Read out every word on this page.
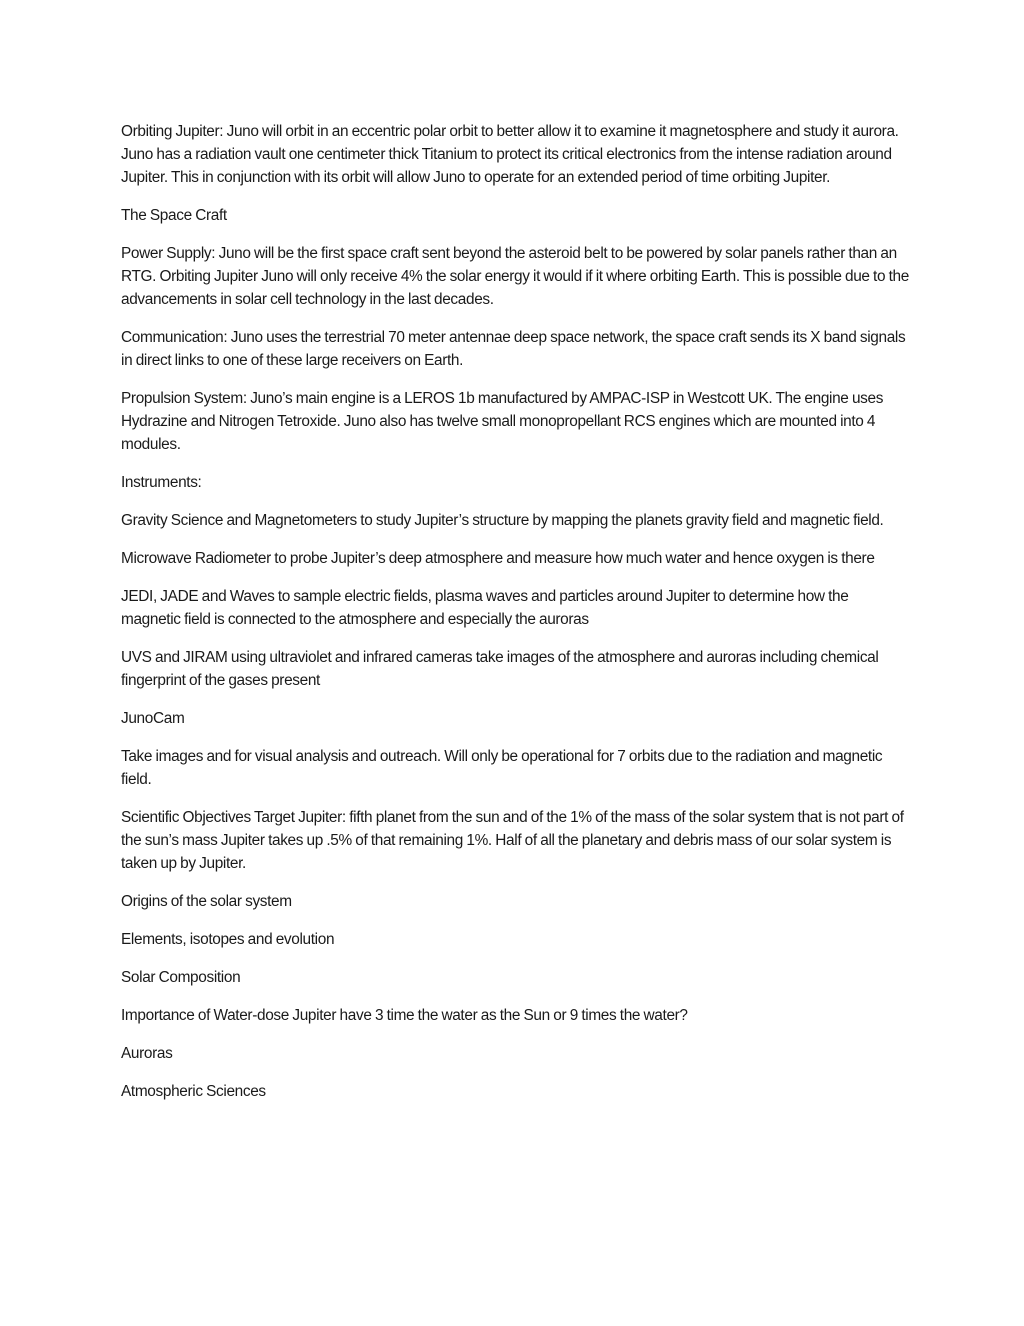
Orbiting Jupiter: Juno will orbit in an eccentric polar orbit to better allow it to examine it magnetosphere and study it aurora. Juno has a radiation vault one centimeter thick Titanium to protect its critical electronics from the intense radiation around Jupiter. This in conjunction with its orbit will allow Juno to operate for an extended period of time orbiting Jupiter.

The Space Craft

Power Supply: Juno will be the first space craft sent beyond the asteroid belt to be powered by solar panels rather than an RTG. Orbiting Jupiter Juno will only receive 4% the solar energy it would if it where orbiting Earth. This is possible due to the advancements in solar cell technology in the last decades.

Communication: Juno uses the terrestrial 70 meter antennae deep space network, the space craft sends its X band signals in direct links to one of these large receivers on Earth.

Propulsion System: Juno’s main engine is a LEROS 1b manufactured by AMPAC-ISP in Westcott UK. The engine uses Hydrazine and Nitrogen Tetroxide. Juno also has twelve small monopropellant RCS engines which are mounted into 4 modules.

Instruments:

Gravity Science and Magnetometers to study Jupiter’s structure by mapping the planets gravity field and magnetic field.

Microwave Radiometer to probe Jupiter’s deep atmosphere and measure how much water and hence oxygen is there

JEDI, JADE and Waves to sample electric fields, plasma waves and particles around Jupiter to determine how the magnetic field is connected to the atmosphere and especially the auroras

UVS and JIRAM using ultraviolet and infrared cameras take images of the atmosphere and auroras including chemical fingerprint of the gases present

JunoCam

Take images and for visual analysis and outreach. Will only be operational for 7 orbits due to the radiation and magnetic field.

Scientific Objectives Target Jupiter: fifth planet from the sun and of the 1% of the mass of the solar system that is not part of the sun’s mass Jupiter takes up .5% of that remaining 1%. Half of all the planetary and debris mass of our solar system is taken up by Jupiter.

Origins of the solar system

Elements, isotopes and evolution

Solar Composition

Importance of Water-dose Jupiter have 3 time the water as the Sun or 9 times the water?

Auroras

Atmospheric Sciences
